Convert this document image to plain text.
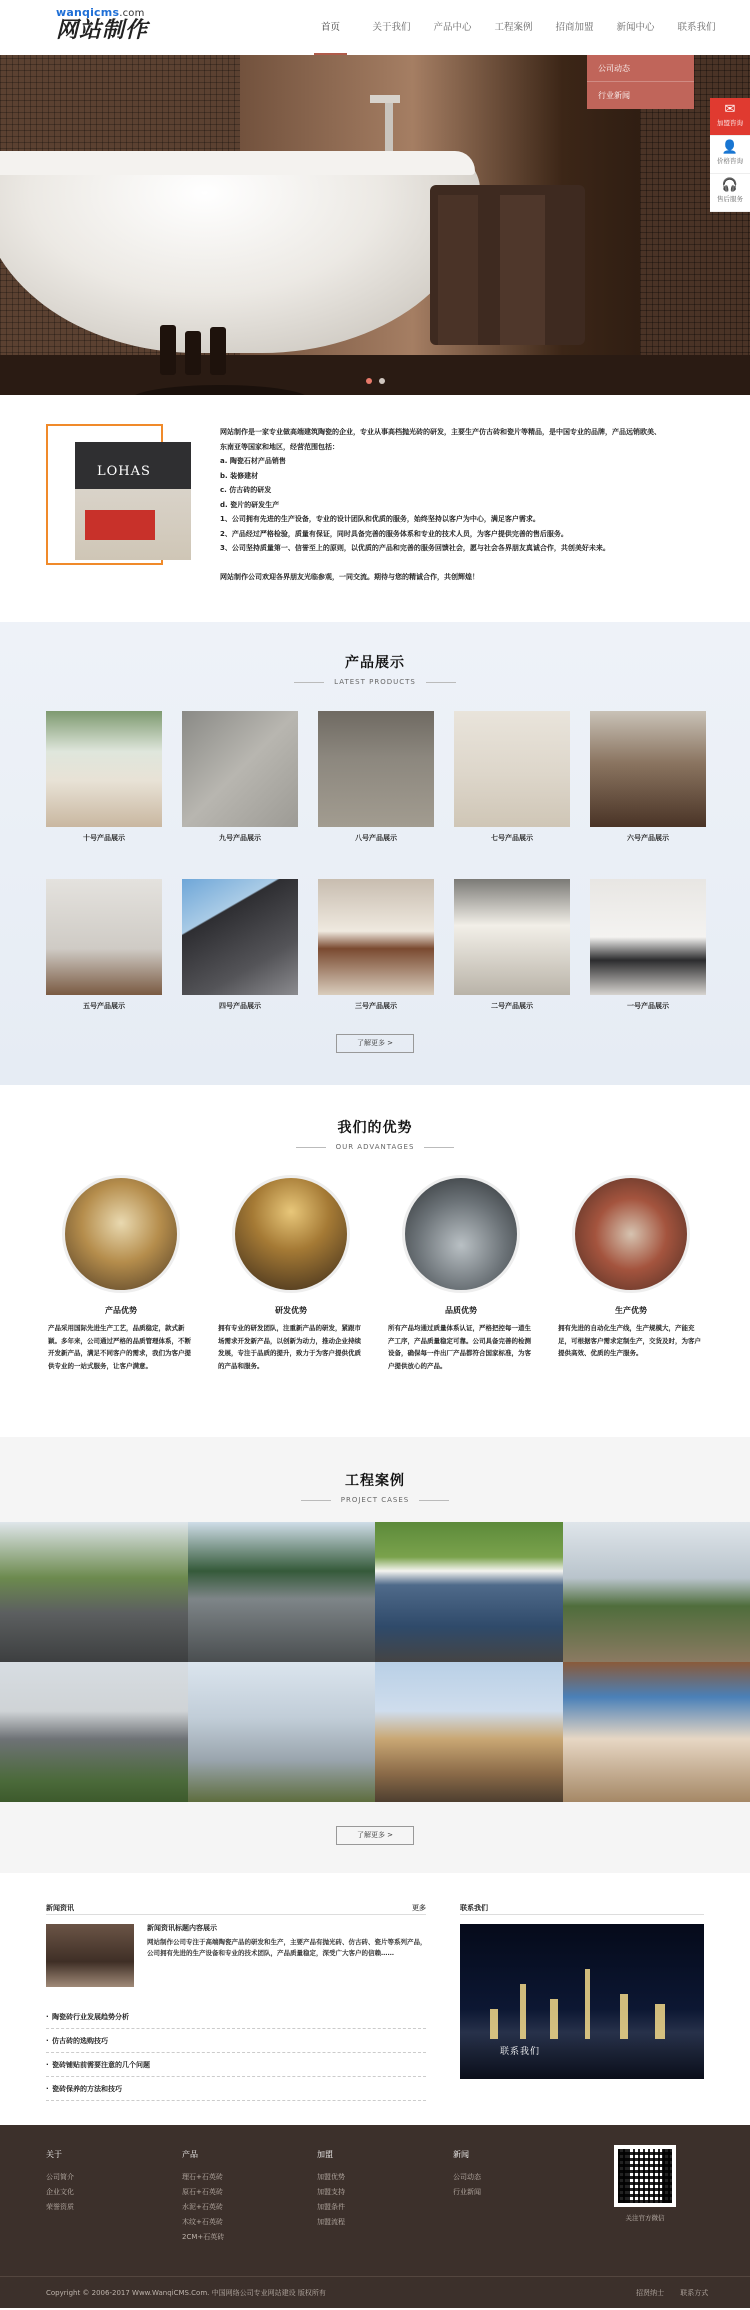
wanqicms.com
网站制作	首页	关于我们	产品中心	工程案例	招商加盟	新闻中心	联系我们
公司动态
行业新闻
✉
加盟咨询
👤
价格咨询
🎧
售后服务
LOHAS

网站制作是一家专业做高端建筑陶瓷的企业，专业从事高档抛光砖的研发，主要生产仿古砖和瓷片等精品，是中国专业的品牌，产品远销欧美、

东南亚等国家和地区，经营范围包括：

a. 陶瓷石材产品销售

b. 装修建材

c. 仿古砖的研发

d. 瓷片的研发生产

1、公司拥有先进的生产设备，专业的设计团队和优质的服务，始终坚持以客户为中心，满足客户需求。

2、产品经过严格检验，质量有保证，同时具备完善的服务体系和专业的技术人员，为客户提供完善的售后服务。

3、公司坚持质量第一、信誉至上的原则，以优质的产品和完善的服务回馈社会，愿与社会各界朋友真诚合作，共创美好未来。

网站制作公司欢迎各界朋友光临参观，一同交流。期待与您的精诚合作，共创辉煌！

产品展示
LATEST PRODUCTS
十号产品展示	九号产品展示	八号产品展示	七号产品展示	六号产品展示
五号产品展示	四号产品展示	三号产品展示	二号产品展示	一号产品展示
了解更多 >
我们的优势
OUR ADVANTAGES
产品优势
产品采用国际先进生产工艺，品质稳定，款式新颖。多年来，公司通过严格的品质管理体系，不断开发新产品，满足不同客户的需求，我们为客户提供专业的一站式服务，让客户满意。
研发优势
拥有专业的研发团队，注重新产品的研发，紧跟市场需求开发新产品，以创新为动力，推动企业持续发展，专注于品质的提升，致力于为客户提供优质的产品和服务。
品质优势
所有产品均通过质量体系认证，严格把控每一道生产工序，产品质量稳定可靠。公司具备完善的检测设备，确保每一件出厂产品都符合国家标准，为客户提供放心的产品。
生产优势
拥有先进的自动化生产线，生产规模大，产能充足，可根据客户需求定制生产，交货及时，为客户提供高效、优质的生产服务。
工程案例
PROJECT CASES
了解更多 >
新闻资讯	更多
新闻资讯标题内容展示
网站制作公司专注于高端陶瓷产品的研发和生产，主要产品有抛光砖、仿古砖、瓷片等系列产品，公司拥有先进的生产设备和专业的技术团队，产品质量稳定，深受广大客户的信赖……
· 陶瓷砖行业发展趋势分析
· 仿古砖的选购技巧
· 瓷砖铺贴前需要注意的几个问题
· 瓷砖保养的方法和技巧
联系我们
联系我们
关于
公司简介
企业文化
荣誉资质
产品
理石+石英砖
原石+石英砖
水泥+石英砖
木纹+石英砖
2CM+石英砖
加盟
加盟优势
加盟支持
加盟条件
加盟流程
新闻
公司动态
行业新闻
关注官方微信
Copyright © 2006-2017 Www.WanqiCMS.Com. 中国网络公司专业网站建设 版权所有	招贤纳士 联系方式
